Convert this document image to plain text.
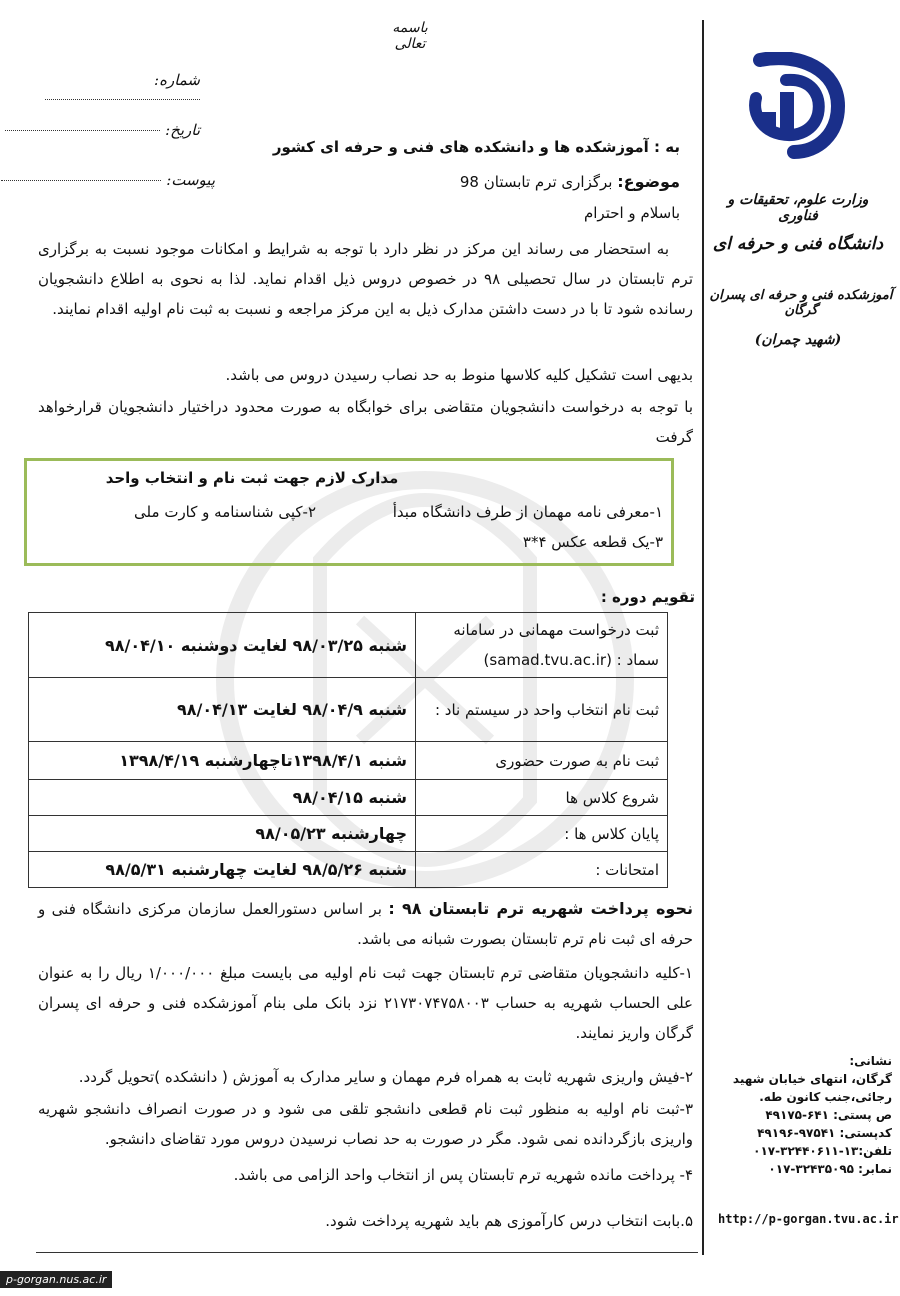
باسمه تعالی
شماره:
تاریخ:
پیوست:
وزارت علوم، تحقیقات و فناوری
دانشگاه فنی و حرفه ای
آموزشکده فنی و حرفه ای پسران گرگان
(شهید چمران)
نشانی:
گرگان، انتهای خیابان شهید
رجائی،جنب کانون طه.
ص پستی: ۶۴۱-۴۹۱۷۵
کدپستی: ۹۷۵۴۱-۴۹۱۹۶
تلفن:۱۳-۳۲۴۴۰۶۱۱-۰۱۷
نمابر: ۳۲۴۳۵۰۹۵-۰۱۷
http://p-gorgan.tvu.ac.ir
به : آموزشکده ها و دانشکده های فنی و حرفه ای کشور
موضوع: برگزاری ترم تابستان 98
باسلام و احترام
به استحضار می رساند این مرکز در نظر دارد با توجه به شرایط و امکانات موجود نسبت به برگزاری ترم تابستان در سال تحصیلی ۹۸ در خصوص دروس ذیل اقدام نماید. لذا به نحوی به اطلاع دانشجویان رسانده شود تا با در دست داشتن مدارک ذیل به این مرکز مراجعه و نسبت به ثبت نام اولیه اقدام نمایند.
بدیهی است تشکیل کلیه کلاسها منوط به حد نصاب رسیدن دروس می باشد.
با توجه به درخواست دانشجویان متقاضی برای خوابگاه به صورت محدود دراختیار دانشجویان قرارخواهد گرفت
مدارک لازم جهت ثبت نام و انتخاب واحد
۱-معرفی نامه مهمان از طرف دانشگاه مبدأ
۲-کپی شناسنامه و کارت ملی
۳-یک قطعه عکس ۴*۳
تقویم دوره :
ثبت درخواست مهمانی در سامانه سماد : (samad.tvu.ac.ir)	شنبه ۹۸/۰۳/۲۵ لغایت دوشنبه ۹۸/۰۴/۱۰
ثبت نام انتخاب واحد در سیستم ناد :	شنبه ۹۸/۰۴/۹ لغایت ۹۸/۰۴/۱۳
ثبت نام به صورت حضوری	شنبه ۱۳۹۸/۴/۱تاچهارشنبه ۱۳۹۸/۴/۱۹
شروع کلاس ها	شنبه ۹۸/۰۴/۱۵
پایان کلاس ها :	چهارشنبه ۹۸/۰۵/۲۳
امتحانات :	شنبه ۹۸/۵/۲۶ لغایت چهارشنبه ۹۸/۵/۳۱
نحوه پرداخت شهریه ترم تابستان ۹۸ : بر اساس دستورالعمل سازمان مرکزی دانشگاه فنی و حرفه ای ثبت نام ترم تابستان بصورت شبانه می باشد.
۱-کلیه دانشجویان متقاضی ترم تابستان جهت ثبت نام اولیه می بایست مبلغ ۱/۰۰۰/۰۰۰ ریال را به عنوان علی الحساب شهریه به حساب ۲۱۷۳۰۷۴۷۵۸۰۰۳ نزد بانک ملی بنام آموزشکده فنی و حرفه ای پسران گرگان واریز نمایند.
۲-فیش واریزی شهریه ثابت به همراه فرم مهمان و سایر مدارک به آموزش ( دانشکده )تحویل گردد.
۳-ثبت نام اولیه به منظور ثبت نام قطعی دانشجو تلقی می شود و در صورت انصراف دانشجو شهریه واریزی بازگردانده نمی شود. مگر در صورت به حد نصاب نرسیدن دروس مورد تقاضای دانشجو.
۴- پرداخت مانده شهریه ترم تابستان پس از انتخاب واحد الزامی می باشد.
۵.بابت انتخاب درس کارآموزی هم باید شهریه پرداخت شود.
p-gorgan.nus.ac.ir
